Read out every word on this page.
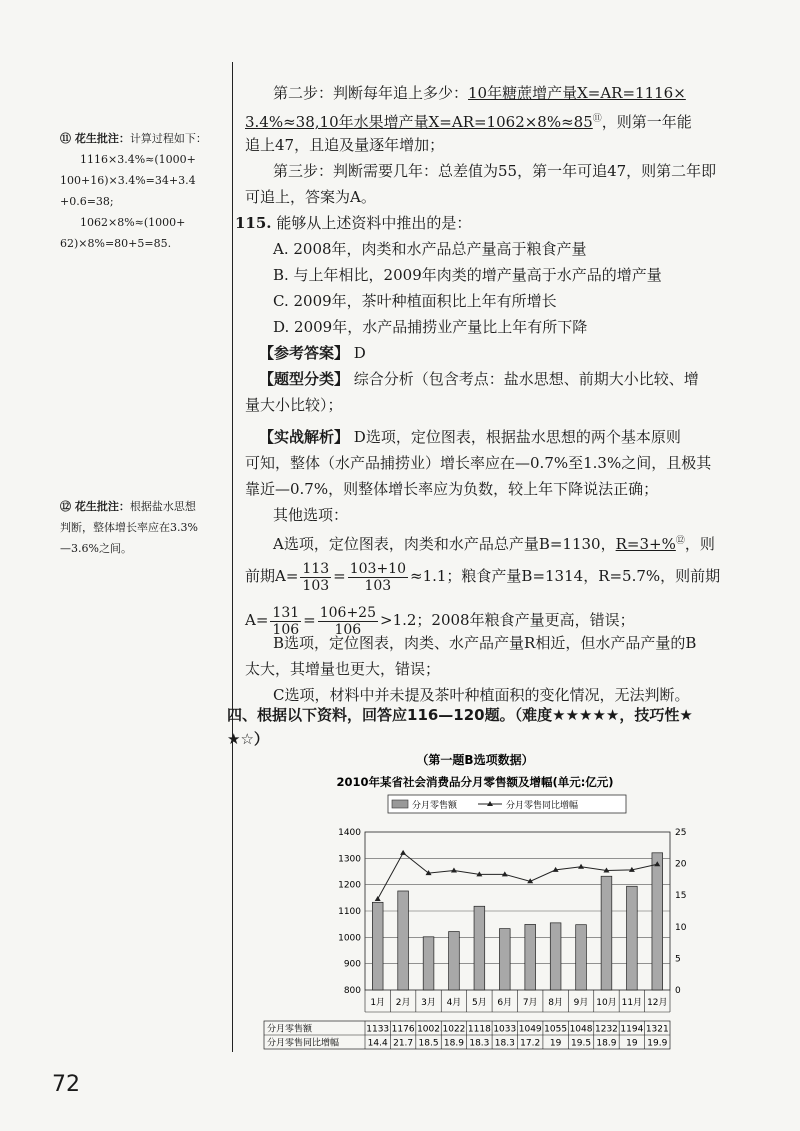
⑪ 花生批注：计算过程如下：
1116×3.4%≈(1000+
100+16)×3.4%=34+3.4
+0.6=38;
1062×8%≈(1000+
62)×8%=80+5=85.
⑫ 花生批注：根据盐水思想
判断，整体增长率应在3.3%
—3.6%之间。
第二步：判断每年追上多少：10年糖蔗增产量X=AR=1116×
3.4%≈38,10年水果增产量X=AR=1062×8%≈85⑪，则第一年能
追上47，且追及量逐年增加；
第三步：判断需要几年：总差值为55，第一年可追47，则第二年即
可追上，答案为A。
115. 能够从上述资料中推出的是：
A. 2008年，肉类和水产品总产量高于粮食产量
B. 与上年相比，2009年肉类的增产量高于水产品的增产量
C. 2009年，茶叶种植面积比上年有所增长
D. 2009年，水产品捕捞业产量比上年有所下降
【参考答案】 D
【题型分类】 综合分析（包含考点：盐水思想、前期大小比较、增
量大小比较）；
【实战解析】 D选项，定位图表，根据盐水思想的两个基本原则
可知，整体（水产品捕捞业）增长率应在—0.7%至1.3%之间，且极其
靠近—0.7%，则整体增长率应为负数，较上年下降说法正确；
其他选项：
A选项，定位图表，肉类和水产品总产量B=1130，R=3+%⑫，则
前期$A= \frac{113}{103} = \frac{103+10}{103} \approx 1.1$；粮食产量B=1314，R=5.7%，则前期
$A= \frac{131}{106} = \frac{106+25}{106} >1.2$；2008年粮食产量更高，错误；
B选项，定位图表，肉类、水产品产量R相近，但水产品产量的B
太大，其增量也更大，错误；
C选项，材料中并未提及茶叶种植面积的变化情况，无法判断。
四、根据以下资料，回答应116—120题。（难度★★★★★，技巧性★
★☆）
（第一题B选项数据）
2010年某省社会消费品分月零售额及增幅(单元:亿元)
分月零售额	分月零售同比增幅
800
900
1000
1100
1200
1300
1400
0
5
10
15
20
25
1月 2月 3月 4月 5月 6月 7月 8月 9月 10月 11月 12月
分月零售额
分月零售同比增幅
1133
14.4
1176
21.7
1002
18.5
1022
18.9
1118
18.3
1033
18.3
1049
17.2
1055
19
1048
19.5
1232
18.9
1194
19
1321
19.9
72
